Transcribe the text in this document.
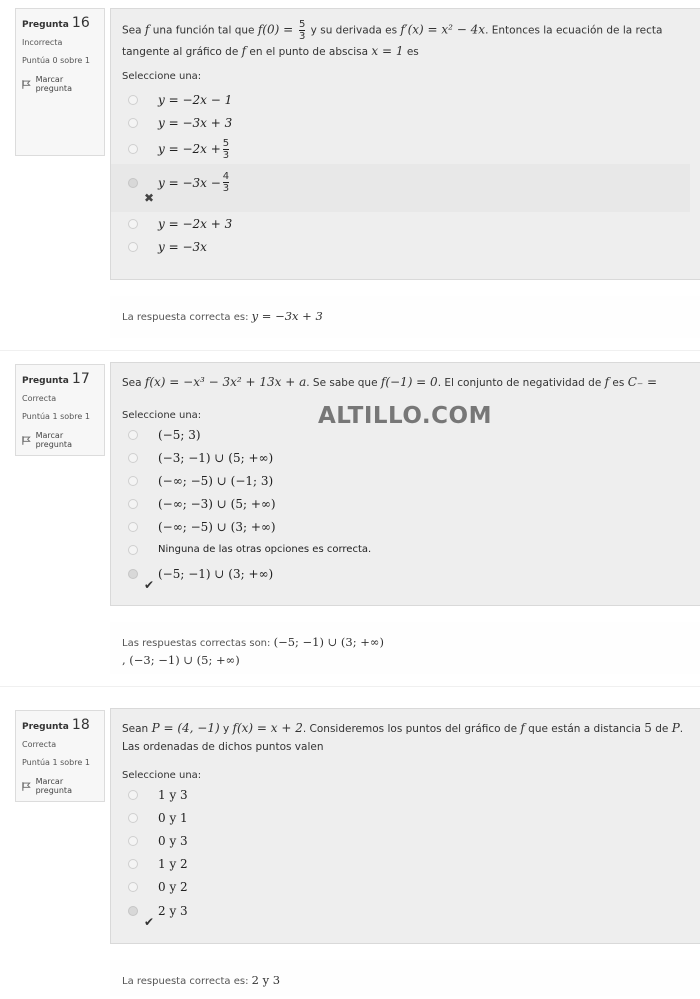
Pregunta 16
Incorrecta
Puntúa 0 sobre 1
Marcar pregunta
Sea f una función tal que $f(0) = \frac{5}{3}$ y su derivada es f′(x) = x² − 4x. Entonces la ecuación de la recta tangente al gráfico de f en el punto de abscisa x = 1 es
Seleccione una:
y = −2x − 1
y = −3x + 3
$y = -2x + \frac{5}{3}$
$y = -3x - \frac{4}{3}$
✖
y = −2x + 3
y = −3x
La respuesta correcta es: y = −3x + 3
Pregunta 17
Correcta
Puntúa 1 sobre 1
Marcar pregunta
Sea f(x) = −x³ − 3x² + 13x + a. Se sabe que f(−1) = 0. El conjunto de negatividad de f es C₋ =
Seleccione una:
(−5; 3)
(−3; −1) ∪ (5; +∞)
(−∞; −5) ∪ (−1; 3)
(−∞; −3) ∪ (5; +∞)
(−∞; −5) ∪ (3; +∞)
Ninguna de las otras opciones es correcta.
(−5; −1) ∪ (3; +∞)
✔
Las respuestas correctas son: (−5; −1) ∪ (3; +∞)
, (−3; −1) ∪ (5; +∞)
Pregunta 18
Correcta
Puntúa 1 sobre 1
Marcar pregunta
Sean P = (4, −1) y f(x) = x + 2. Consideremos los puntos del gráfico de f que están a distancia 5 de P. Las ordenadas de dichos puntos valen
Seleccione una:
1 y 3
0 y 1
0 y 3
1 y 2
0 y 2
2 y 3
✔
La respuesta correcta es: 2 y 3
ALTILLO.COM
